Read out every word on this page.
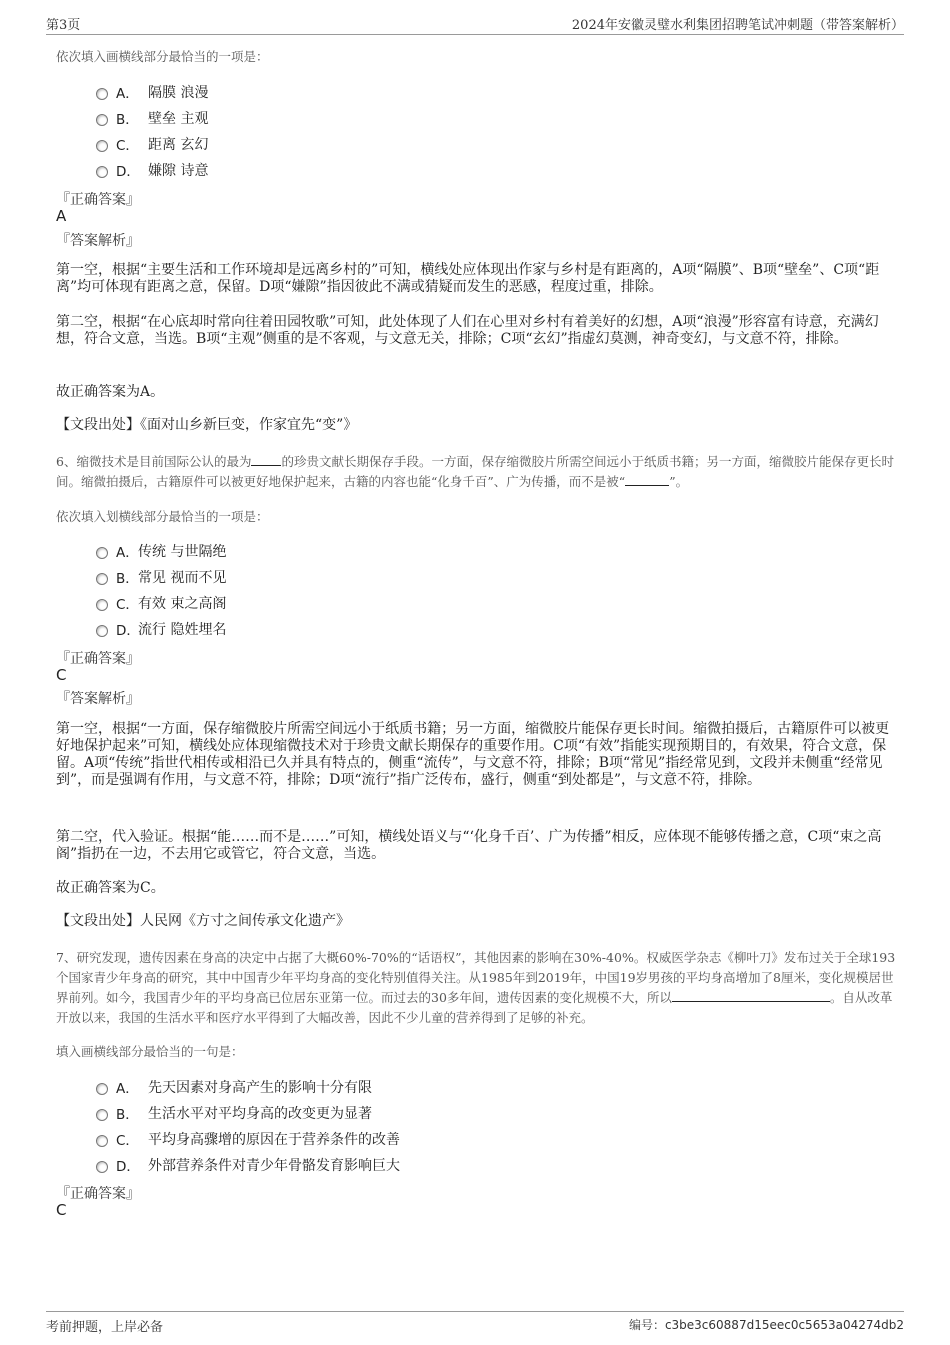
第3页	2024年安徽灵璧水利集团招聘笔试冲刺题（带答案解析）
依次填入画横线部分最恰当的一项是：
A． 隔膜 浪漫
B． 壁垒 主观
C． 距离 玄幻
D． 嫌隙 诗意
『正确答案』
A
『答案解析』
第一空，根据“主要生活和工作环境却是远离乡村的”可知，横线处应体现出作家与乡村是有距离的，A项“隔膜”、B项“壁垒”、C项“距离”均可体现有距离之意，保留。D项“嫌隙”指因彼此不满或猜疑而发生的恶感，程度过重，排除。
第二空，根据“在心底却时常向往着田园牧歌”可知，此处体现了人们在心里对乡村有着美好的幻想，A项“浪漫”形容富有诗意，充满幻想，符合文意，当选。B项“主观”侧重的是不客观，与文意无关，排除；C项“玄幻”指虚幻莫测，神奇变幻，与文意不符，排除。
故正确答案为A。
【文段出处】《面对山乡新巨变，作家宜先“变”》
6、缩微技术是目前国际公认的最为 的珍贵文献长期保存手段。一方面，保存缩微胶片所需空间远小于纸质书籍；另一方面，缩微胶片能保存更长时间。缩微拍摄后，古籍原件可以被更好地保护起来，古籍的内容也能“化身千百”、广为传播，而不是被“	”。
依次填入划横线部分最恰当的一项是：
A． 传统 与世隔绝
B． 常见 视而不见
C． 有效 束之高阁
D．
流行 隐姓埋名
『正确答案』
C
『答案解析』
第一空，根据“一方面，保存缩微胶片所需空间远小于纸质书籍；另一方面，缩微胶片能保存更长时间。缩微拍摄后，古籍原件可以被更好地保护起来”可知，横线处应体现缩微技术对于珍贵文献长期保存的重要作用。C项“有效”指能实现预期目的，有效果，符合文意，保留。A项“传统”指世代相传或相沿已久并具有特点的，侧重“流传”，与文意不符，排除；B项“常见”指经常见到，文段并未侧重“经常见到”，而是强调有作用，与文意不符，排除；D项“流行”指广泛传布，盛行，侧重“到处都是”，与文意不符，排除。
第二空，代入验证。根据“能……而不是……”可知，横线处语义与“‘化身千百’、广为传播”相反，应体现不能够传播之意，C项“束之高阁”指扔在一边，不去用它或管它，符合文意，当选。
故正确答案为C。
【文段出处】人民网《方寸之间传承文化遗产》
7、研究发现，遗传因素在身高的决定中占据了大概60%-70%的“话语权”，其他因素的影响在30%-40%。权威医学杂志《柳叶刀》发布过关于全球193个国家青少年身高的研究，其中中国青少年平均身高的变化特别值得关注。从1985年到2019年，中国19岁男孩的平均身高增加了8厘米，变化规模居世界前列。如今，我国青少年的平均身高已位居东亚第一位。而过去的30多年间，遗传因素的变化规模不大，所以	。自从改革开放以来，我国的生活水平和医疗水平得到了大幅改善，因此不少儿童的营养得到了足够的补充。
填入画横线部分最恰当的一句是：
A． 先天因素对身高产生的影响十分有限
B． 生活水平对平均身高的改变更为显著
C． 平均身高骤增的原因在于营养条件的改善
D． 外部营养条件对青少年骨骼发育影响巨大
『正确答案』
C
考前押题，上岸必备	编号：c3be3c60887d15eec0c5653a04274db2
